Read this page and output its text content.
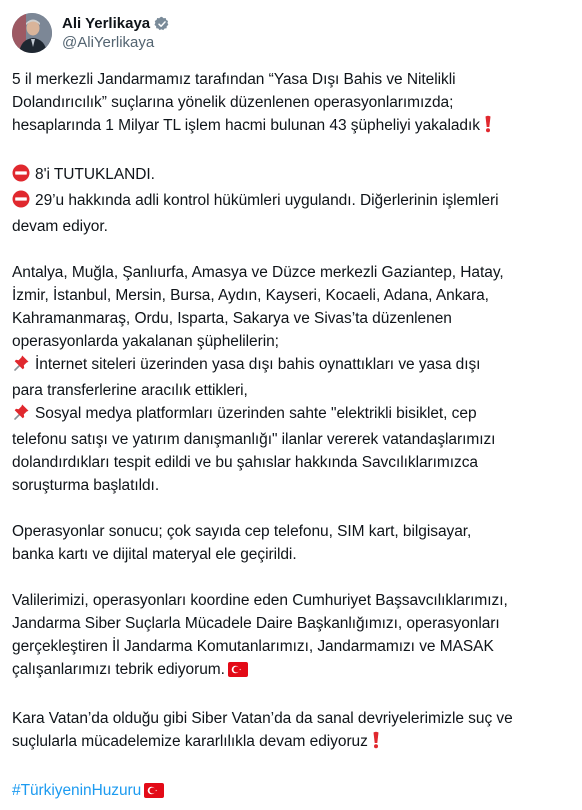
Ali Yerlikaya
@AliYerlikaya

5 il merkezli Jandarmamız tarafından “Yasa Dışı Bahis ve Nitelikli
Dolandırıcılık” suçlarına yönelik düzenlenen operasyonlarımızda;
hesaplarında 1 Milyar TL işlem hacmi bulunan 43 şüpheliyi yakaladık

8'i TUTUKLANDI.
29’u hakkında adli kontrol hükümleri uygulandı. Diğerlerinin işlemleri
devam ediyor.

Antalya, Muğla, Şanlıurfa, Amasya ve Düzce merkezli Gaziantep, Hatay,
İzmir, İstanbul, Mersin, Bursa, Aydın, Kayseri, Kocaeli, Adana, Ankara,
Kahramanmaraş, Ordu, Isparta, Sakarya ve Sivas’ta düzenlenen
operasyonlarda yakalanan şüphelilerin;
İnternet siteleri üzerinden yasa dışı bahis oynattıkları ve yasa dışı
para transferlerine aracılık ettikleri,
Sosyal medya platformları üzerinden sahte "elektrikli bisiklet, cep
telefonu satışı ve yatırım danışmanlığı" ilanlar vererek vatandaşlarımızı
dolandırdıkları tespit edildi ve bu şahıslar hakkında Savcılıklarımızca
soruşturma başlatıldı.

Operasyonlar sonucu; çok sayıda cep telefonu, SIM kart, bilgisayar,
banka kartı ve dijital materyal ele geçirildi.

Valilerimizi, operasyonları koordine eden Cumhuriyet Başsavcılıklarımızı,
Jandarma Siber Suçlarla Mücadele Daire Başkanlığımızı, operasyonları
gerçekleştiren İl Jandarma Komutanlarımızı, Jandarmamızı ve MASAK
çalışanlarımızı tebrik ediyorum.

Kara Vatan’da olduğu gibi Siber Vatan’da da sanal devriyelerimizle suç ve
suçlularla mücadelemize kararlılıkla devam ediyoruz

#TürkiyeninHuzuru
